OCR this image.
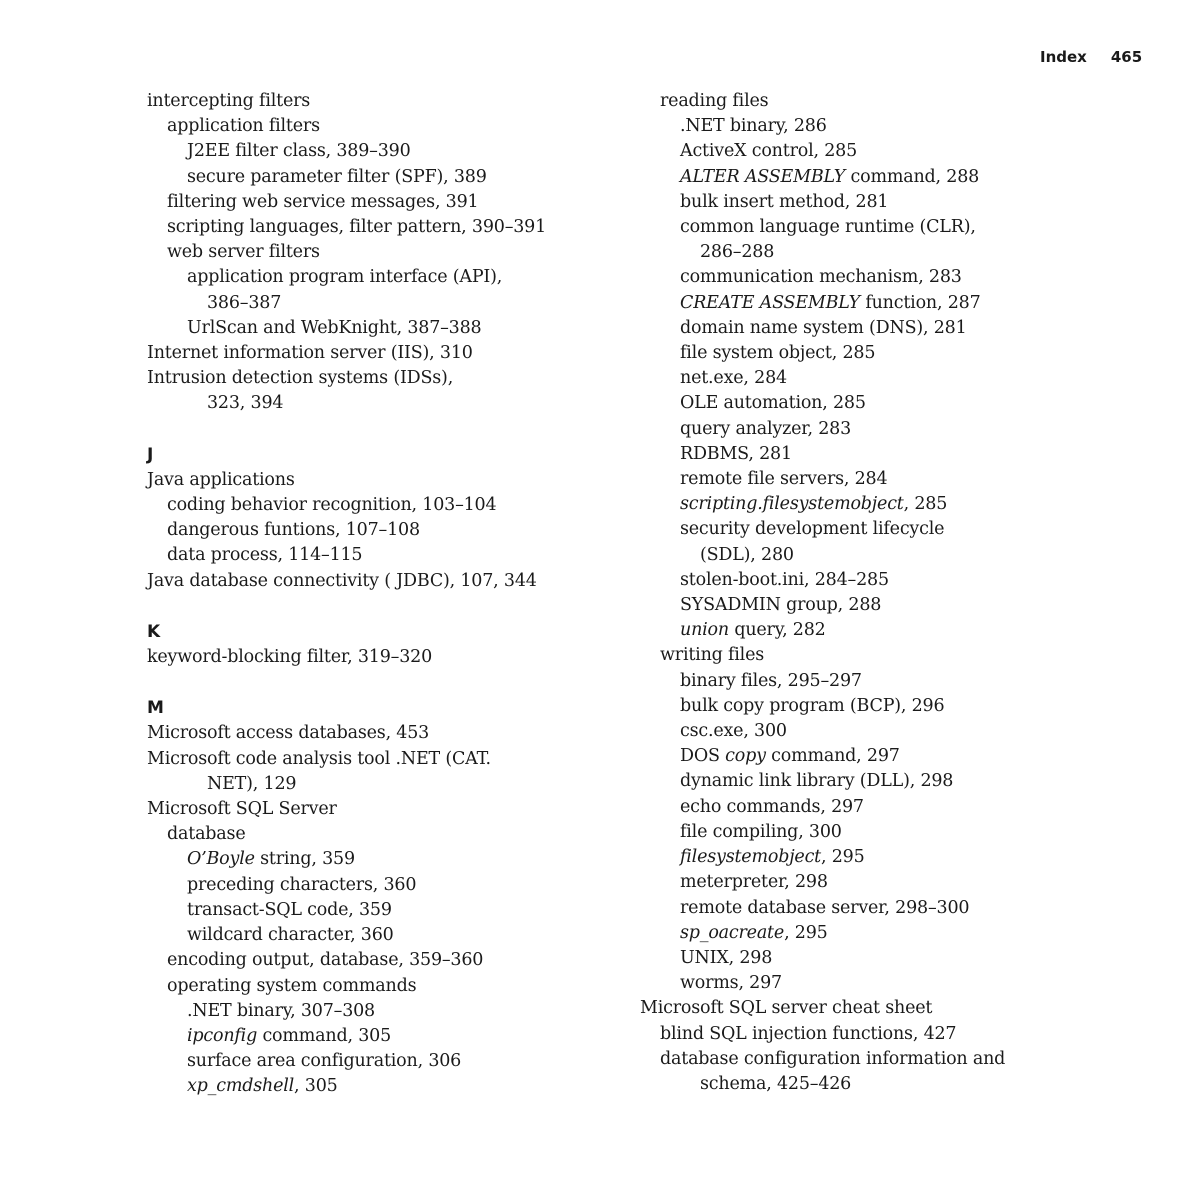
Index 465
intercepting filters
application filters
J2EE filter class, 389–390
secure parameter filter (SPF), 389
filtering web service messages, 391
scripting languages, filter pattern, 390–391
web server filters
application program interface (API),
386–387
UrlScan and WebKnight, 387–388
Internet information server (IIS), 310
Intrusion detection systems (IDSs),
323, 394
J
Java applications
coding behavior recognition, 103–104
dangerous funtions, 107–108
data process, 114–115
Java database connectivity ( JDBC), 107, 344
K
keyword-blocking filter, 319–320
M
Microsoft access databases, 453
Microsoft code analysis tool .NET (CAT.
NET), 129
Microsoft SQL Server
database
O’Boyle string, 359
preceding characters, 360
transact-SQL code, 359
wildcard character, 360
encoding output, database, 359–360
operating system commands
.NET binary, 307–308
ipconfig command, 305
surface area configuration, 306
xp_cmdshell, 305
reading files
.NET binary, 286
ActiveX control, 285
ALTER ASSEMBLY command, 288
bulk insert method, 281
common language runtime (CLR),
286–288
communication mechanism, 283
CREATE ASSEMBLY function, 287
domain name system (DNS), 281
file system object, 285
net.exe, 284
OLE automation, 285
query analyzer, 283
RDBMS, 281
remote file servers, 284
scripting.filesystemobject, 285
security development lifecycle
(SDL), 280
stolen-boot.ini, 284–285
SYSADMIN group, 288
union query, 282
writing files
binary files, 295–297
bulk copy program (BCP), 296
csc.exe, 300
DOS copy command, 297
dynamic link library (DLL), 298
echo commands, 297
file compiling, 300
filesystemobject, 295
meterpreter, 298
remote database server, 298–300
sp_oacreate, 295
UNIX, 298
worms, 297
Microsoft SQL server cheat sheet
blind SQL injection functions, 427
database configuration information and
schema, 425–426
